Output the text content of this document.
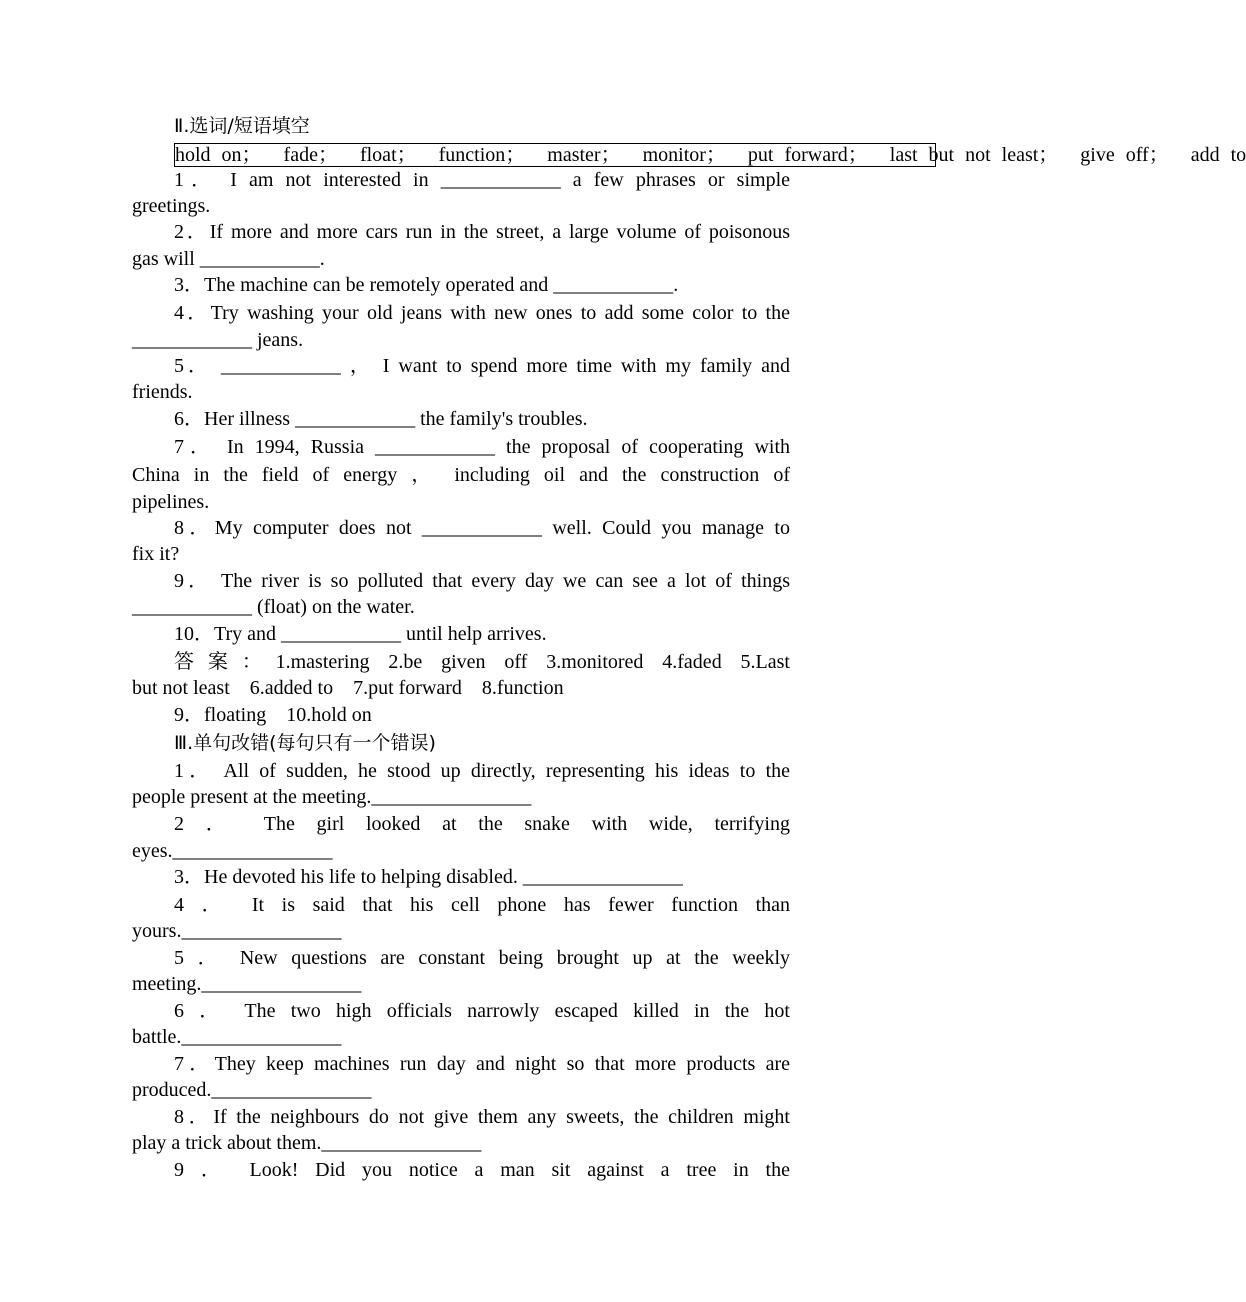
Ⅱ.选词/短语填空
hold on；  fade；  float；  function；  master；  monitor；  put forward；  last but not least；  give off；  add to
1． I am not interested in ____________ a few phrases or simple
greetings.
2．If more and more cars run in the street, a large volume of poisonous
gas will ____________.
3．The machine can be remotely operated and ____________.
4．Try washing your old jeans with new ones to add some color to the
____________ jeans.
5． ____________ ， I want to spend more time with my family and
friends.
6．Her illness ____________ the family's troubles.
7． In 1994, Russia ____________ the proposal of cooperating with
China in the field of energy ， including oil and the construction of
pipelines.
8．My computer does not ____________ well. Could you manage to
fix it?
9． The river is so polluted that every day we can see a lot of things
____________ (float) on the water.
10．Try and ____________ until help arrives.
答案：1.mastering 2.be given off 3.monitored 4.faded 5.Last
but not least    6.added to    7.put forward    8.function
9．floating    10.hold on
Ⅲ.单句改错(每句只有一个错误)
1． All of sudden, he stood up directly, representing his ideas to the
people present at the meeting.________________
2 ． The girl looked at the snake with wide, terrifying
eyes.________________
3．He devoted his life to helping disabled. ________________
4 ． It is said that his cell phone has fewer function than
yours.________________
5 ． New questions are constant being brought up at the weekly
meeting.________________
6 ． The two high officials narrowly escaped killed in the hot
battle.________________
7．They keep machines run day and night so that more products are
produced.________________
8．If the neighbours do not give them any sweets, the children might
play a trick about them.________________
9 ． Look! Did you notice a man sit against a tree in the
